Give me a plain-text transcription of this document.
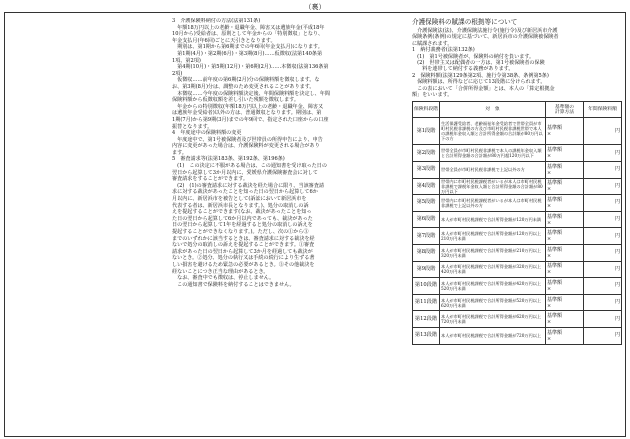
（裏）

3　介護保険料納付の方法(法第131条)

　年額18万円以上の老齢・退職年金、障害又は遺族年金(平成18年

10月から)受給者は、原則として年金からの「特別徴収」となり、

年金支払月(年6回)ごとに天引きとなります。

　期別は、第1期から第6期までの年6回(年金支払月)になります。

　第1期(4月)・第2期(6月)・第3期(8月)……仮徴収(法第140条第

1項、第2項)

　第4期(10月)・第5期(12月)・第6期(2月)……本徴収(法第136条第

2項)

　仮徴収……前年度の第6期(2月)分の保険料額を徴収します。な

お、第3期(8月)分は、調整のため変更されることがあります。

　本徴収……今年度の保険料額決定後、年間保険料額を決定し、年間

保険料額から仮徴収額を差し引いた残額を徴収します。

　年金からの特別徴収(年額18万円以上の老齢・退職年金、障害又

は遺族年金受給者)以外の方は、普通徴収となります。期別は、第

1期(7月)から第9期(3月)までの年9回で、指定された口座からの口座

振替となります。

4　年度途中の保険料額の変更

　年度途中で、第1号被保険者及び世帯員の所得申告により、申告

内容に変更があった場合は、介護保険料が変更される場合があり

ます。

5　審査請求等(法第183条、第192条、第196条)

　(1)　この決定に不服がある場合は、この通知書を受け取った日の

翌日から起算して3か月以内に、愛媛県介護保険審査会に対して

審査請求をすることができます。

　(2)　(1)の審査請求に対する裁決を経た場合に限り、当該審査請

求に対する裁決があったことを知った日の翌日から起算して6か

月以内に、新居浜市を被告として(訴訟において新居浜市を

代表する者は、新居浜市長となります。)、処分の取消しの訴

えを提起することができます(なお、裁決があったことを知っ

た日の翌日から起算して6か月以内であっても、裁決があった

日の翌日から起算して1年を経過すると処分の取消しの訴えを

提起することができなくなります。)。ただし、次の①から③

までのいずれかに該当するときは、審査請求に対する裁決を経

ないで処分の取消しの訴えを提起することができます。①審査

請求があった日の翌日から起算して3か月を経過しても裁決が

ないとき。②処分、処分の執行又は手続の続行により生ずる著

しい損害を避けるため緊急の必要があるとき。③その他裁決を

経ないことにつき正当な理由があるとき。

　なお、審査中でも徴収は、停止しません。

　この通知書で保険料を納付することはできません。

介護保険料の賦課の根拠等について

　介護保険法(法)、介護保険法施行令(施行令)及び新居浜市介護

保険条例(条例)の規定に基づいて、新居浜市の介護保険被保険者

に賦課されます。

1　納付義務者(法第132条)

　(1)　第1号被保険者が、保険料の納付を負います。

　(2)　世帯主又は配偶者の一方は、第1号被保険者の保険

　　料を連帯して納付する義務があります。

2　保険料額(法第129条第2項、施行令第38条、条例第5条)

　保険料額は、所得などに応じて13段階に分けられます。

　この表において「合併所得金額」とは、本人の「算定根拠金

額」をいいます。

保険料段階	対　象	基準額の
計算方法	年間保険料額
第1段階	生活保護受給者、老齢福祉年金受給者で世帯全員が市町村民税非課税の方及び市町村民税非課税世帯で本人の課税年金収入額と合計所得金額の合計額が80万円以下の方	基準額
×	円
第2段階	世帯全員が市町村民税非課税で本人の課税年金収入額と合計所得金額の合計額が80万円超120万円以下	基準額
×	円
第3段階	世帯全員が市町村民税非課税で上記以外の方	基準額
×	円
第4段階	世帯内に市町村民税課税者がいるが本人は市町村民税非課税で課税年金収入額と合計所得金額の合計額が80万円以下	基準額
×	円
第5段階	世帯内に市町村民税課税者がいるが本人は市町村民税非課税で上記以外の方	基準額
×	円
第6段階	本人が市町村民税課税で合計所得金額が120万円未満	基準額
×	円
第7段階	本人が市町村民税課税で合計所得金額が120万円以上210万円未満	基準額
×	円
第8段階	本人が市町村民税課税で合計所得金額が210万円以上320万円未満	基準額
×	円
第9段階	本人が市町村民税課税で合計所得金額が320万円以上420万円未満	基準額
×	円
第10段階	本人が市町村民税課税で合計所得金額が420万円以上520万円未満	基準額
×	円
第11段階	本人が市町村民税課税で合計所得金額が520万円以上620万円未満	基準額
×	円
第12段階	本人が市町村民税課税で合計所得金額が620万円以上720万円未満	基準額
×	円
第13段階	本人が市町村民税課税で合計所得金額が720万円以上	基準額
×	円
